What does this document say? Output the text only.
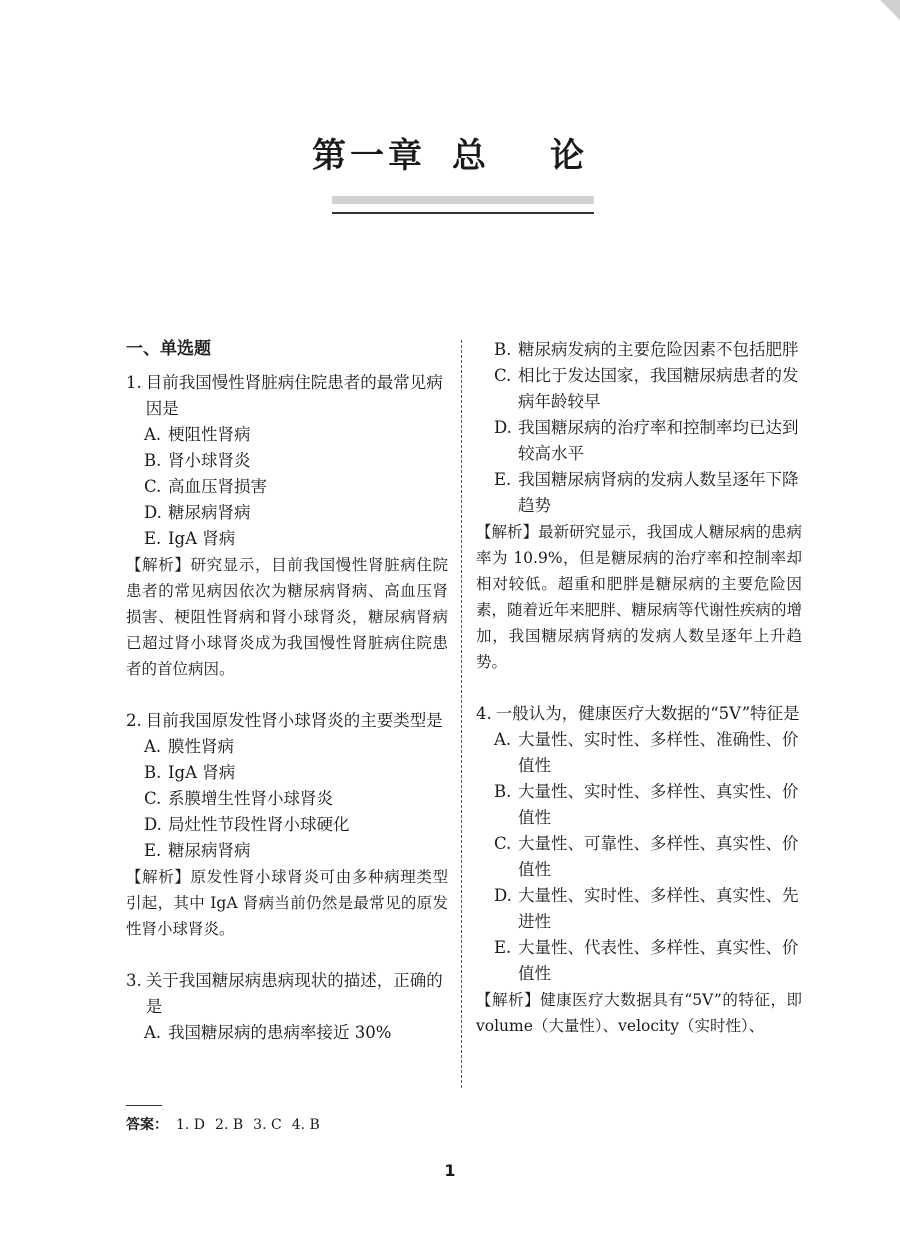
第一章 总 论
一、单选题
1. 目前我国慢性肾脏病住院患者的最常见病因是
A. 梗阻性肾病
B. 肾小球肾炎
C. 高血压肾损害
D. 糖尿病肾病
E. IgA 肾病
【解析】研究显示，目前我国慢性肾脏病住院患者的常见病因依次为糖尿病肾病、高血压肾损害、梗阻性肾病和肾小球肾炎，糖尿病肾病已超过肾小球肾炎成为我国慢性肾脏病住院患者的首位病因。
2. 目前我国原发性肾小球肾炎的主要类型是
A. 膜性肾病
B. IgA 肾病
C. 系膜增生性肾小球肾炎
D. 局灶性节段性肾小球硬化
E. 糖尿病肾病
【解析】原发性肾小球肾炎可由多种病理类型引起，其中 IgA 肾病当前仍然是最常见的原发性肾小球肾炎。
3. 关于我国糖尿病患病现状的描述，正确的是
A. 我国糖尿病的患病率接近 30%
B. 糖尿病发病的主要危险因素不包括肥胖
C. 相比于发达国家，我国糖尿病患者的发病年龄较早
D. 我国糖尿病的治疗率和控制率均已达到较高水平
E. 我国糖尿病肾病的发病人数呈逐年下降趋势
【解析】最新研究显示，我国成人糖尿病的患病率为 10.9%，但是糖尿病的治疗率和控制率却相对较低。超重和肥胖是糖尿病的主要危险因素，随着近年来肥胖、糖尿病等代谢性疾病的增加，我国糖尿病肾病的发病人数呈逐年上升趋势。
4. 一般认为，健康医疗大数据的“5V”特征是
A. 大量性、实时性、多样性、准确性、价值性
B. 大量性、实时性、多样性、真实性、价值性
C. 大量性、可靠性、多样性、真实性、价值性
D. 大量性、实时性、多样性、真实性、先进性
E. 大量性、代表性、多样性、真实性、价值性
【解析】健康医疗大数据具有“5V”的特征，即 volume（大量性）、velocity（实时性）、
答案： 1. D 2. B 3. C 4. B
1
